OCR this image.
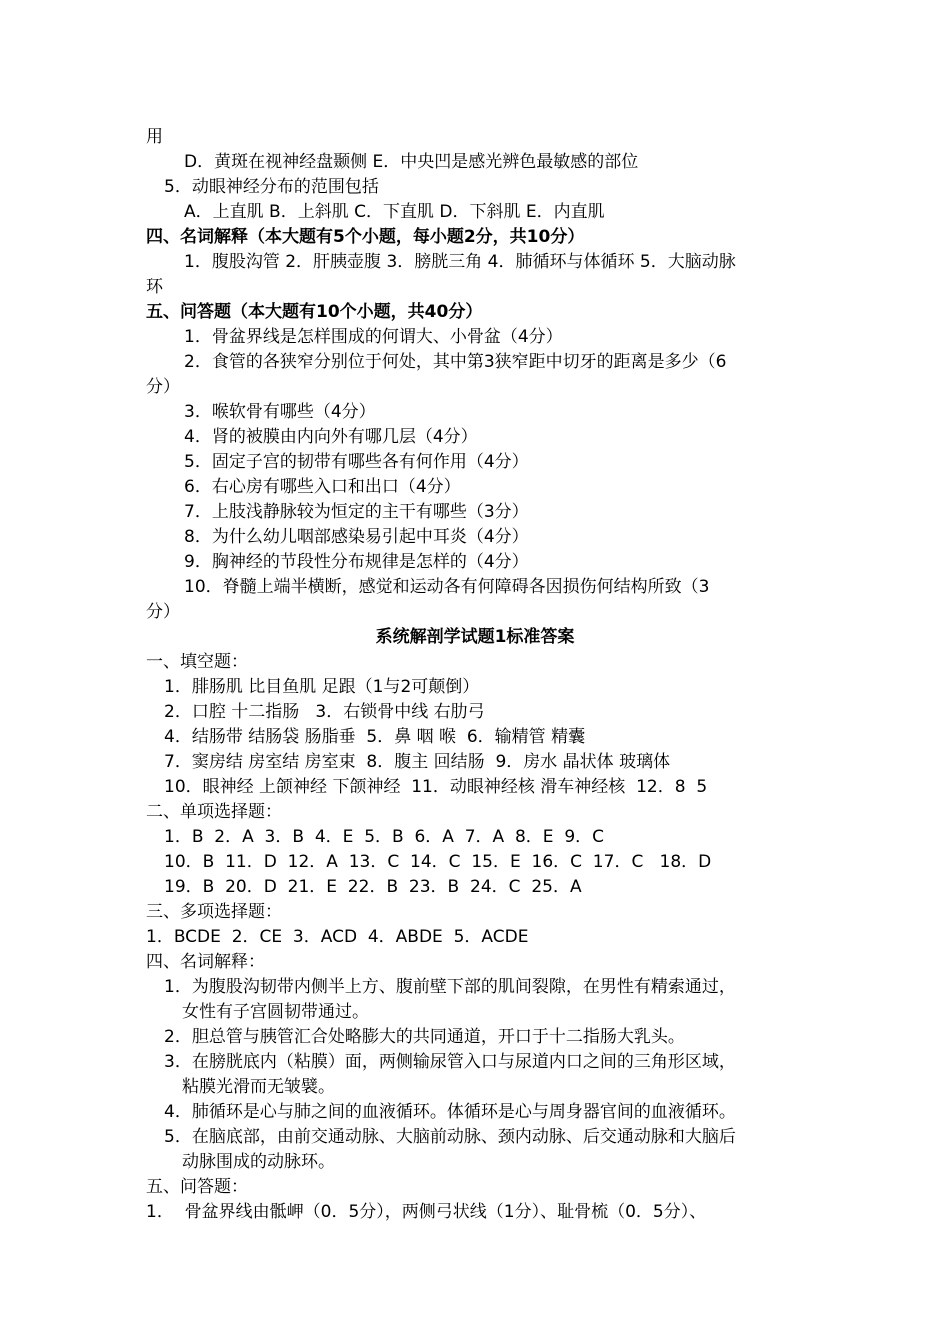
用
D．黄斑在视神经盘颞侧 E．中央凹是感光辨色最敏感的部位
5．动眼神经分布的范围包括
A．上直肌 B．上斜肌 C．下直肌 D．下斜肌 E．内直肌
四、名词解释（本大题有5个小题，每小题2分，共10分）
1．腹股沟管 2．肝胰壶腹 3．膀胱三角 4．肺循环与体循环 5．大脑动脉
环
五、问答题（本大题有10个小题，共40分）
1．骨盆界线是怎样围成的何谓大、小骨盆（4分）
2．食管的各狭窄分别位于何处，其中第3狭窄距中切牙的距离是多少（6
分）
3．喉软骨有哪些（4分）
4．肾的被膜由内向外有哪几层（4分）
5．固定子宫的韧带有哪些各有何作用（4分）
6．右心房有哪些入口和出口（4分）
7．上肢浅静脉较为恒定的主干有哪些（3分）
8．为什么幼儿咽部感染易引起中耳炎（4分）
9．胸神经的节段性分布规律是怎样的（4分）
10．脊髓上端半横断，感觉和运动各有何障碍各因损伤何结构所致（3
分）
系统解剖学试题1标准答案
一、填空题：
1．腓肠肌 比目鱼肌 足跟（1与2可颠倒）
2．口腔 十二指肠   3．右锁骨中线 右肋弓
4．结肠带 结肠袋 肠脂垂  5．鼻 咽 喉  6．输精管 精囊
7．窦房结 房室结 房室束  8．腹主 回结肠  9．房水 晶状体 玻璃体
10．眼神经 上颌神经 下颌神经  11．动眼神经核 滑车神经核  12．8  5
二、单项选择题：
1．B  2．A  3．B  4．E  5．B  6．A  7．A  8．E  9．C
10．B  11．D  12．A  13．C  14．C  15．E  16．C  17．C   18．D
19．B  20．D  21．E  22．B  23．B  24．C  25．A
三、多项选择题：
1．BCDE  2．CE  3．ACD  4．ABDE  5．ACDE
四、名词解释：
1．为腹股沟韧带内侧半上方、腹前壁下部的肌间裂隙，在男性有精索通过，
女性有子宫圆韧带通过。
2．胆总管与胰管汇合处略膨大的共同通道，开口于十二指肠大乳头。
3．在膀胱底内（粘膜）面，两侧输尿管入口与尿道内口之间的三角形区域，
粘膜光滑而无皱襞。
4．肺循环是心与肺之间的血液循环。体循环是心与周身器官间的血液循环。
5．在脑底部，由前交通动脉、大脑前动脉、颈内动脉、后交通动脉和大脑后
动脉围成的动脉环。
五、问答题：
1．  骨盆界线由骶岬（0．5分），两侧弓状线（1分）、耻骨梳（0．5分）、
